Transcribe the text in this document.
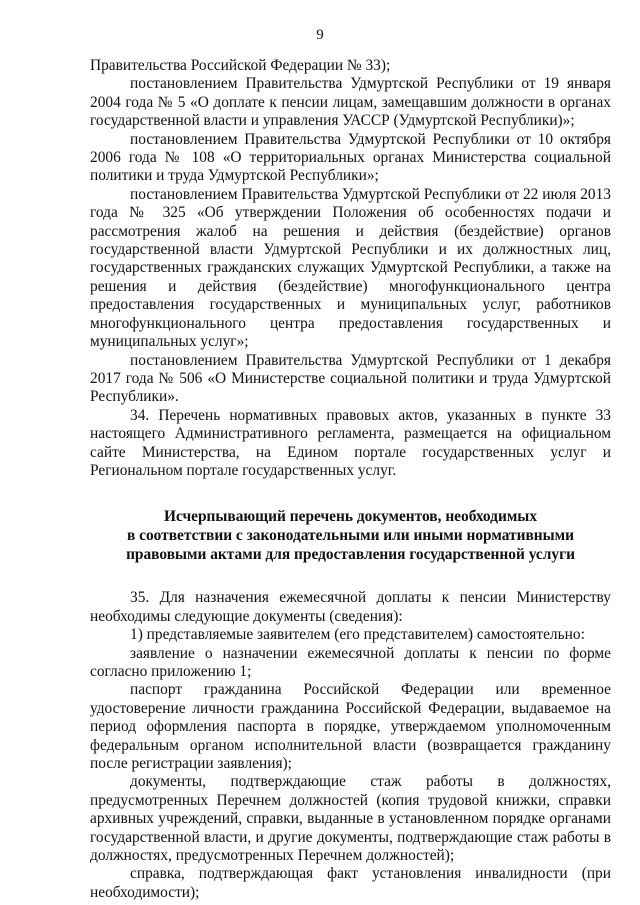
9

Правительства Российской Федерации № 33);

постановлением Правительства Удмуртской Республики от 19 января 2004 года № 5 «О доплате к пенсии лицам, замещавшим должности в органах государственной власти и управления УАССР (Удмуртской Республики)»;

постановлением Правительства Удмуртской Республики от 10 октября 2006 года № 108 «О территориальных органах Министерства социальной политики и труда Удмуртской Республики»;

постановлением Правительства Удмуртской Республики от 22 июля 2013 года № 325 «Об утверждении Положения об особенностях подачи и рассмотрения жалоб на решения и действия (бездействие) органов государственной власти Удмуртской Республики и их должностных лиц, государственных гражданских служащих Удмуртской Республики, а также на решения и действия (бездействие) многофункционального центра предоставления государственных и муниципальных услуг, работников многофункционального центра предоставления государственных и муниципальных услуг»;

постановлением Правительства Удмуртской Республики от 1 декабря 2017 года № 506 «О Министерстве социальной политики и труда Удмуртской Республики».

34. Перечень нормативных правовых актов, указанных в пункте 33 настоящего Административного регламента, размещается на официальном сайте Министерства, на Едином портале государственных услуг и Региональном портале государственных услуг.

Исчерпывающий перечень документов, необходимых
в соответствии с законодательными или иными нормативными
правовыми актами для предоставления государственной услуги

35. Для назначения ежемесячной доплаты к пенсии Министерству необходимы следующие документы (сведения):

1) представляемые заявителем (его представителем) самостоятельно:

заявление о назначении ежемесячной доплаты к пенсии по форме согласно приложению 1;

паспорт гражданина Российской Федерации или временное удостоверение личности гражданина Российской Федерации, выдаваемое на период оформления паспорта в порядке, утверждаемом уполномоченным федеральным органом исполнительной власти (возвращается гражданину после регистрации заявления);

документы, подтверждающие стаж работы в должностях, предусмотренных Перечнем должностей (копия трудовой книжки, справки архивных учреждений, справки, выданные в установленном порядке органами государственной власти, и другие документы, подтверждающие стаж работы в должностях, предусмотренных Перечнем должностей);

справка, подтверждающая факт установления инвалидности (при необходимости);
